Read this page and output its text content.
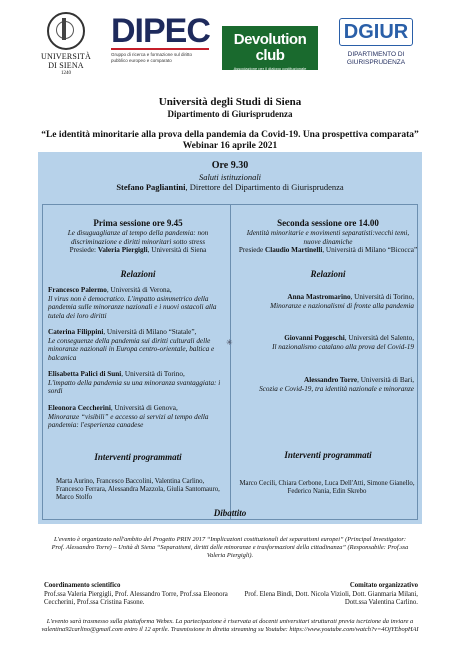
UNIVERSITÀ
DI SIENA
1240
DIPEC
Gruppo di ricerca e formazione sul diritto pubblico europeo e comparato
Devolution club
Associazione per il dialogo costituzionale
DGIUR
DIPARTIMENTO DI
GIURISPRUDENZA
Università degli Studi di Siena
Dipartimento di Giurisprudenza
“Le identità minoritarie alla prova della pandemia da Covid-19. Una prospettiva comparata”
Webinar 16 aprile 2021
Ore 9.30
Saluti istituzionali
Stefano Pagliantini, Direttore del Dipartimento di Giurisprudenza
✳
Prima sessione ore 9.45
Le disuguaglianze al tempo della pandemia: non discriminazione e diritti minoritari sotto stress
Presiede: Valeria Piergigli, Università di Siena
Relazioni
Francesco Palermo, Università di Verona,
Il virus non è democratico. L'impatto asimmetrico della pandemia sulle minoranze nazionali e i nuovi ostacoli alla tutela dei loro diritti
Caterina Filippini, Università di Milano “Statale”,
Le conseguenze della pandemia sui diritti culturali delle minoranze nazionali in Europa centro-orientale, baltica e balcanica
Elisabetta Palici di Suni, Università di Torino,
L'impatto della pandemia su una minoranza svantaggiata: i sordi
Eleonora Ceccherini, Università di Genova,
Minoranze “visibili” e accesso ai servizi al tempo della pandemia: l'esperienza canadese
Interventi programmati
Marta Aurino, Francesco Baccolini, Valentina Carlino, Francesco Ferrara, Alessandra Mazzola, Giulia Santomauro, Marco Stolfo
Seconda sessione ore 14.00
Identità minoritarie e movimenti separatisti:vecchi temi, nuove dinamiche
Presiede Claudio Martinelli, Università di Milano “Bicocca”
Relazioni
Anna Mastromarino, Università di Torino,
Minoranze e nazionalismi di fronte alla pandemia
Giovanni Poggeschi, Università del Salento,
Il nazionalismo catalano alla prova del Covid-19
Alessandro Torre, Università di Bari,
Scozia e Covid-19, tra identità nazionale e minoranze
Interventi programmati
Marco Cecili, Chiara Cerbone, Luca Dell'Atti, Simone Gianello, Federico Nania, Edin Skrebo
Dibattito
L'evento è organizzato nell'ambito del Progetto PRIN 2017 “Implicazioni costituzionali dei separatismi europei” (Principal Investigator: Prof. Alessandro Torre) – Unità di Siena “Separatismi, diritti delle minoranze e trasformazioni della cittadinanza” (Responsabile: Prof.ssa Valeria Piergigli).
Coordinamento scientifico
Prof.ssa Valeria Piergigli, Prof. Alessandro Torre, Prof.ssa Eleonora Ceccherini, Prof.ssa Cristina Fasone.
Comitato organizzativo
Prof. Elena Bindi, Dott. Nicola Vizioli, Dott. Gianmaria Milani, Dott.ssa Valentina Carlino.
L'evento sarà trasmesso sulla piattaforma Webex. La partecipazione è riservata ai docenti universitari strutturati previa iscrizione da inviare a valentina92carlino@gmail.com entro il 12 aprile. Trasmissione in diretta streaming su Youtube: https://www.youtube.com/watch?v=4OjYEbopHAI
